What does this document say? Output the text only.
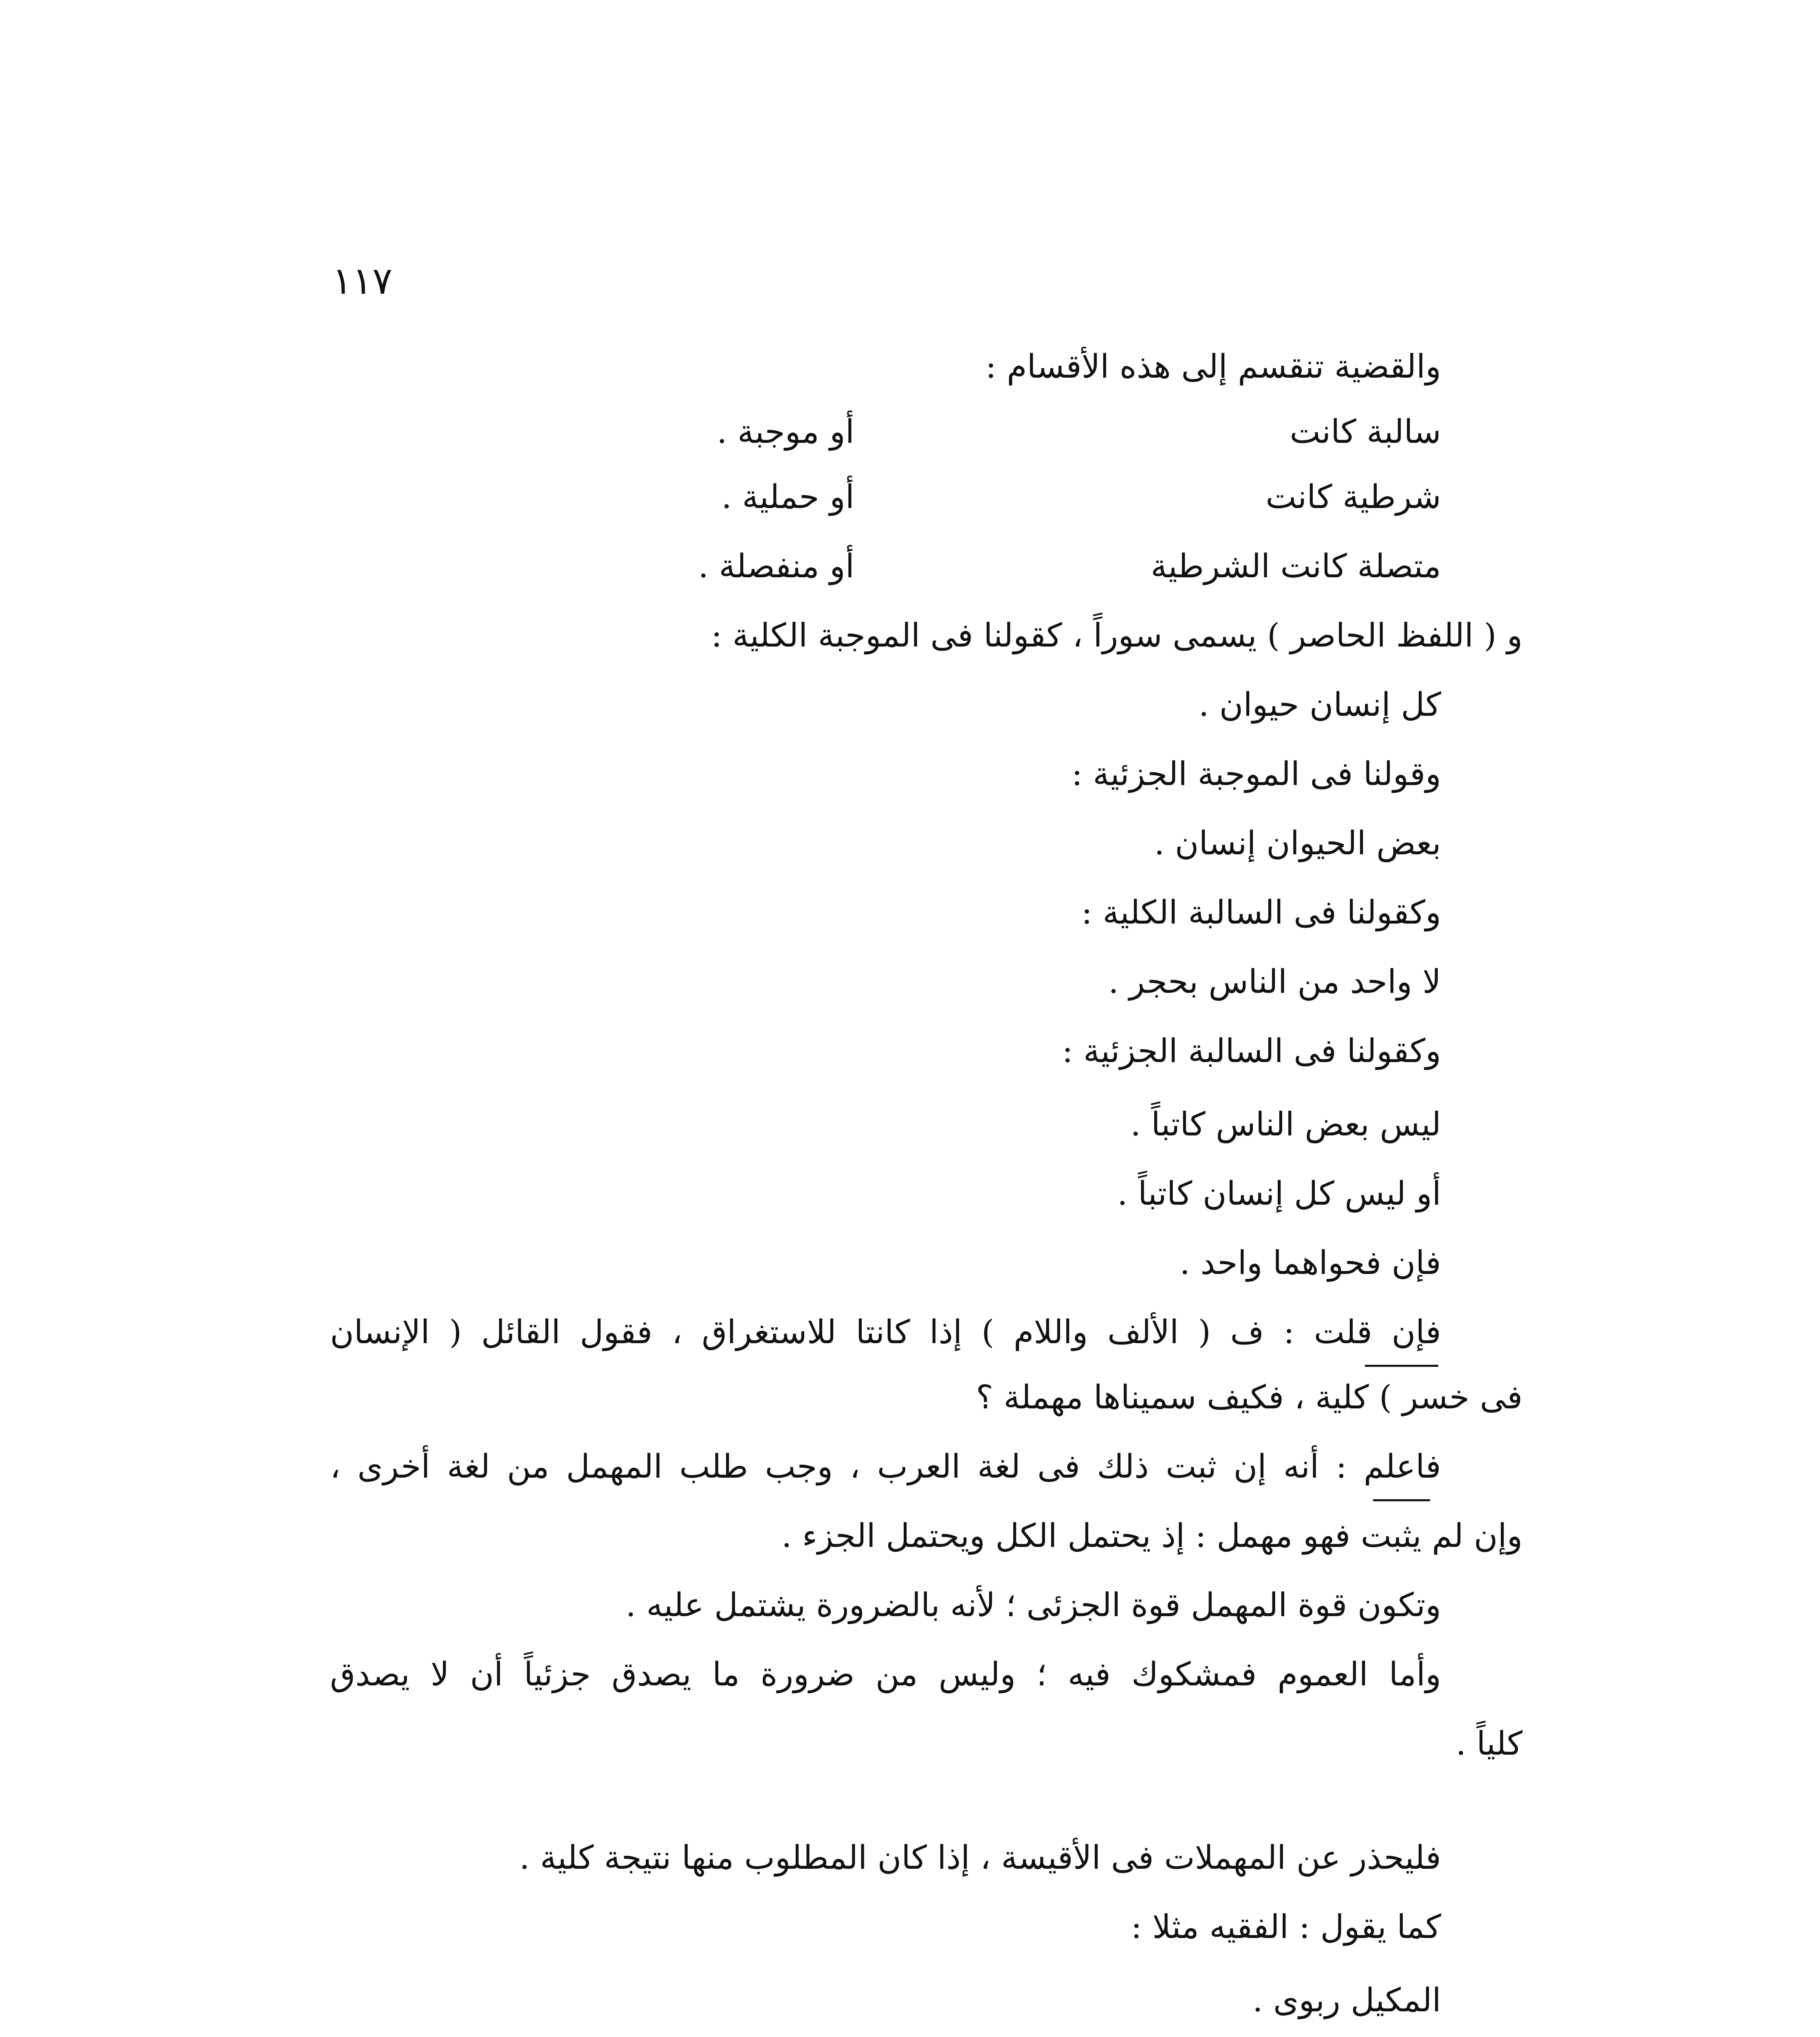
١١٧
والقضية تنقسم إلى هذه الأقسام :
سالبة كانت
أو موجبة .
شرطية كانت
أو حملية .
متصلة كانت الشرطية
أو منفصلة .
و ( اللفظ الحاصر ) يسمى سوراً ، كقولنا فى الموجبة الكلية :
كل إنسان حيوان .
وقولنا فى الموجبة الجزئية :
بعض الحيوان إنسان .
وكقولنا فى السالبة الكلية :
لا واحد من الناس بحجر .
وكقولنا فى السالبة الجزئية :
ليس بعض الناس كاتباً .
أو ليس كل إنسان كاتباً .
فإن فحواهما واحد .
فإن قلت : ف ( الألف واللام ) إذا كانتا للاستغراق ، فقول القائل ( الإنسان
فى خسر ) كلية ، فكيف سميناها مهملة ؟
فاعلم : أنه إن ثبت ذلك فى لغة العرب ، وجب طلب المهمل من لغة أخرى ،
وإن لم يثبت فهو مهمل : إذ يحتمل الكل ويحتمل الجزء .
وتكون قوة المهمل قوة الجزئى ؛ لأنه بالضرورة يشتمل عليه .
وأما العموم فمشكوك فيه ؛ وليس من ضرورة ما يصدق جزئياً أن لا يصدق
كلياً .
فليحذر عن المهملات فى الأقيسة ، إذا كان المطلوب منها نتيجة كلية .
كما يقول : الفقيه مثلا :
المكيل ربوى .
